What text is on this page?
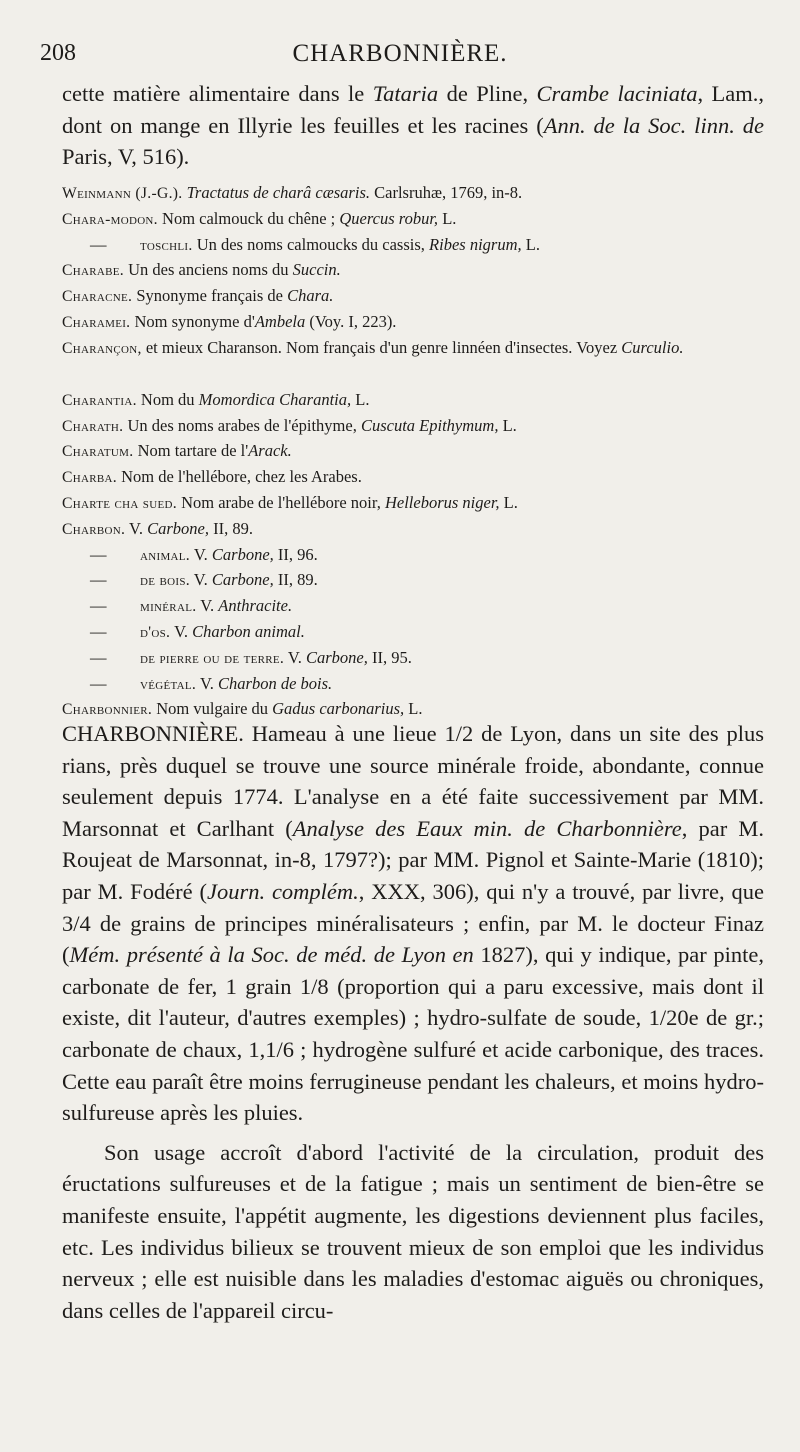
208	CHARBONNIÈRE.
cette matière alimentaire dans le Tataria de Pline, Crambe laciniata, Lam., dont on mange en Illyrie les feuilles et les racines (Ann. de la Soc. linn. de Paris, V, 516).
Weinmann (J.-G.). Tractatus de charâ cæsaris. Carlsruhæ, 1769, in-8.
Chara-modon. Nom calmouck du chêne ; Quercus robur, L.
— toschli. Un des noms calmoucks du cassis, Ribes nigrum, L.
Charabe. Un des anciens noms du Succin.
Characne. Synonyme français de Chara.
Charamei. Nom synonyme d'Ambela (Voy. I, 223).
Charançon, et mieux Charanson. Nom français d'un genre linnéen d'insectes. Voyez Curculio.
Charantia. Nom du Momordica Charantia, L.
Charath. Un des noms arabes de l'épithyme, Cuscuta Epithymum, L.
Charatum. Nom tartare de l'Arack.
Charba. Nom de l'hellébore, chez les Arabes.
Charte cha sued. Nom arabe de l'hellébore noir, Helleborus niger, L.
Charbon. V. Carbone, II, 89.
— animal. V. Carbone, II, 96.
— de bois. V. Carbone, II, 89.
— minéral. V. Anthracite.
— d'os. V. Charbon animal.
— de pierre ou de terre. V. Carbone, II, 95.
— végétal. V. Charbon de bois.
Charbonnier. Nom vulgaire du Gadus carbonarius, L.

CHARBONNIÈRE. Hameau à une lieue 1/2 de Lyon, dans un site des plus rians, près duquel se trouve une source minérale froide, abondante, connue seulement depuis 1774. L'analyse en a été faite successivement par MM. Marsonnat et Carlhant (Analyse des Eaux min. de Charbonnière, par M. Roujeat de Marsonnat, in-8, 1797?); par MM. Pignol et Sainte-Marie (1810); par M. Fodéré (Journ. complém., XXX, 306), qui n'y a trouvé, par livre, que 3/4 de grains de principes minéralisateurs ; enfin, par M. le docteur Finaz (Mém. présenté à la Soc. de méd. de Lyon en 1827), qui y indique, par pinte, carbonate de fer, 1 grain 1/8 (proportion qui a paru excessive, mais dont il existe, dit l'auteur, d'autres exemples) ; hydro-sulfate de soude, 1/20e de gr.; carbonate de chaux, 1,1/6 ; hydrogène sulfuré et acide carbonique, des traces. Cette eau paraît être moins ferrugineuse pendant les chaleurs, et moins hydro-sulfureuse après les pluies.

Son usage accroît d'abord l'activité de la circulation, produit des éructations sulfureuses et de la fatigue ; mais un sentiment de bien-être se manifeste ensuite, l'appétit augmente, les digestions deviennent plus faciles, etc. Les individus bilieux se trouvent mieux de son emploi que les individus nerveux ; elle est nuisible dans les maladies d'estomac aiguës ou chroniques, dans celles de l'appareil circu-
